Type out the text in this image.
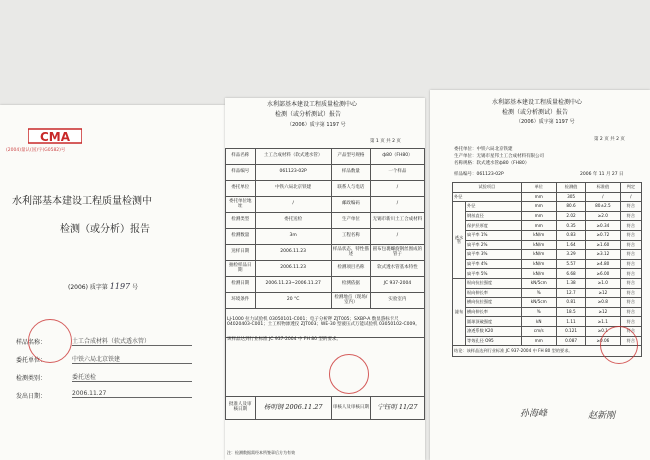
CMA
(2004)量认(国)字(G0582)号
水利部基本建设工程质量检测中
检测（或分析）报告
(2006) 质字第 1197 号
样品名称：	土工合成材料（软式透水管）
委托单位：	中铁六局北京铁建
检测类别：	委托送检
发出日期：	2006.11.27
水利部基本建设工程质量检测中心
检测（或分析测试）报告
（2006）质字第 1197 号
第 1 页 共 2 页
样品名称	土工合成材料（软式透水管）	产品型号规格	ф80（FH80）
样品编号	061123-02P	样品数量	一个样品
委托单位	中铁六局北京铁建	联系人与电话	/
委托单位地址	/	邮政编码	/
检测类型	委托送检	生产单位	无锡市新川土工合成材料
检测数量	3m	工程名称	/
送样日期	2006.11.23	样品状态、特性描述	圆布包裹螺旋钢丝围成的管子
抽检样品日期	2006.11.23	检测项目名称	软式透水管基本特性
检测日期	2006.11.23~2006.11.27	检测依据	JC 937-2004
环境条件	20 °C	检测地点（现场/室内）	实验室内
LJ-1000 拉力试验机 03050101-C001；电子分析秤 ZJT005；SXBP-A 数显游标卡尺 04020403-C001；土工织物渗透仪 ZJT003；WE-30 型液压式万能试验机 03050102-C009。			
该样品达到行业标准 JC 937-2004 中 FH 80 型的要求。			
批准人及审核日期	杨明钢 2006.11.27	审核人及审核日期	宁钰明 11/27
注：检测数据需经本所签章后方为有效
水利部基本建设工程质量检测中心
检测（或分析测试）报告
（2006）质字第 1197 号
第 2 页 共 2 页
委托单位：中铁六局北京铁建
生产单位：无锡市星邦土工合成材料有限公司
名称规格：软式透水管ф80（FH80）
样品编号：061123-02P	2006 年 11 月 27 日
试验项目		单位	检测值	标准值	判定
外径		mm	305	/	/
透水管	外径	mm	80.6	80±2.5	符合
	钢丝直径	mm	2.02	≥2.0	符合
	保护层厚度	mm	0.35	≥0.34	符合
	扁平率 1%	kN/m	0.83	≥0.72	符合
	扁平率 2%	kN/m	1.64	≥1.60	符合
	扁平率 3%	kN/m	3.29	≥3.12	符合
	扁平率 4%	kN/m	5.57	≥4.80	符合
	扁平率 5%	kN/m	6.68	≥6.00	符合
滤布	纵向抗拉强度	kN/5cm	1.38	≥1.0	符合
	纵向伸长率	%	12.7	≥12	符合
	横向抗拉强度	kN/5cm	0.81	≥0.8	符合
	横向伸长率	%	18.5	≥12	符合
	圆球顶破强度	kN	1.11	≥1.1	符合
	渗透系数 K20	cm/s	0.121	≥0.1	符合
	等效孔径 O95	mm	0.087	≥0.06	符合
结论：该样品达到行业标准 JC 937-2004 中 FH 80 型的要求。					
孙海峰	赵新刚
